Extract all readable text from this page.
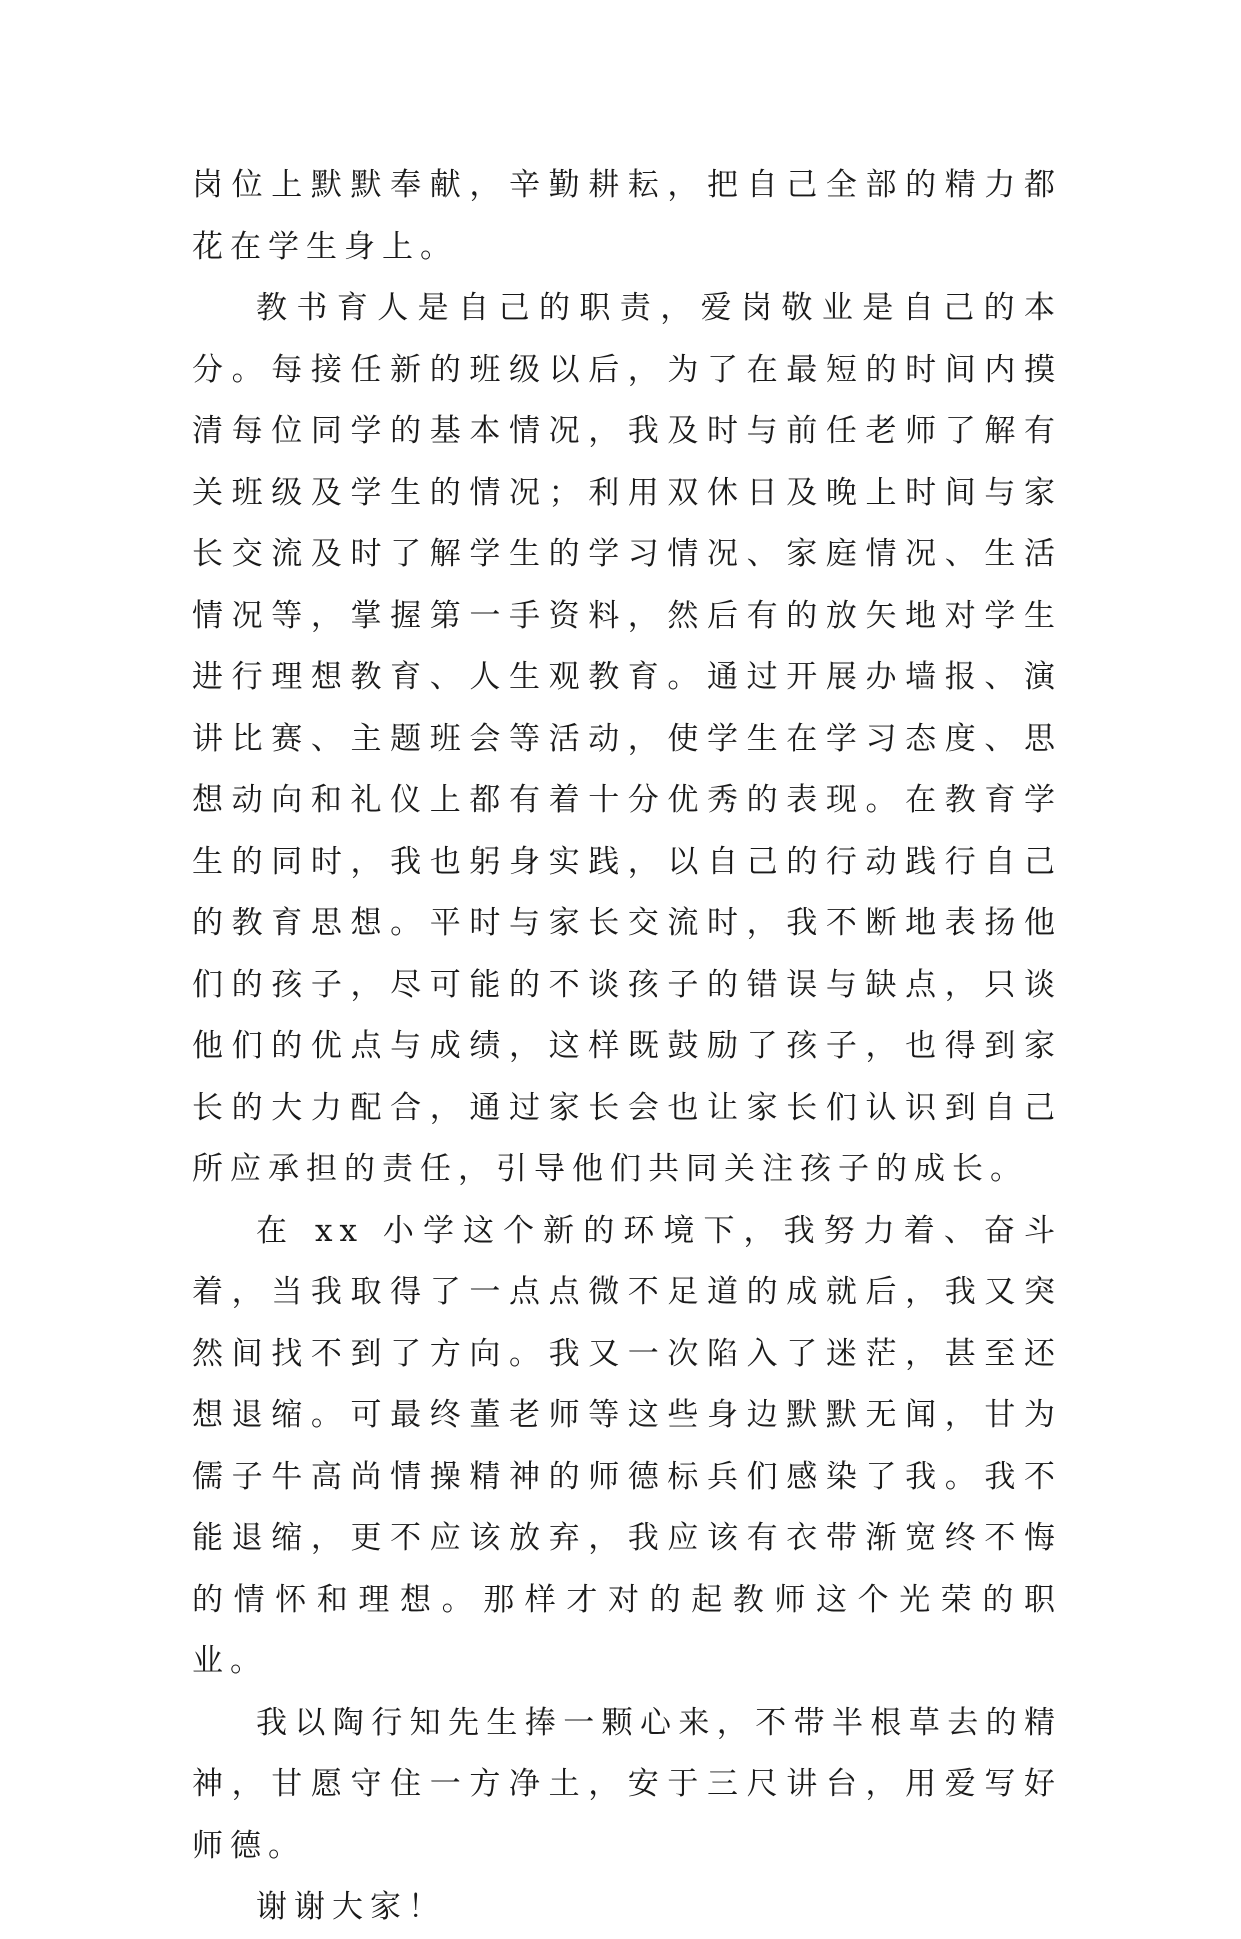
岗位上默默奉献，辛勤耕耘，把自己全部的精力都花在学生身上。

教书育人是自己的职责，爱岗敬业是自己的本分。每接任新的班级以后，为了在最短的时间内摸清每位同学的基本情况，我及时与前任老师了解有关班级及学生的情况；利用双休日及晚上时间与家长交流及时了解学生的学习情况、家庭情况、生活情况等，掌握第一手资料，然后有的放矢地对学生进行理想教育、人生观教育。通过开展办墙报、演讲比赛、主题班会等活动，使学生在学习态度、思想动向和礼仪上都有着十分优秀的表现。在教育学生的同时，我也躬身实践，以自己的行动践行自己的教育思想。平时与家长交流时，我不断地表扬他们的孩子，尽可能的不谈孩子的错误与缺点，只谈他们的优点与成绩，这样既鼓励了孩子，也得到家长的大力配合，通过家长会也让家长们认识到自己所应承担的责任，引导他们共同关注孩子的成长。

在 xx 小学这个新的环境下，我努力着、奋斗着，当我取得了一点点微不足道的成就后，我又突然间找不到了方向。我又一次陷入了迷茫，甚至还想退缩。可最终董老师等这些身边默默无闻，甘为儒子牛高尚情操精神的师德标兵们感染了我。我不能退缩，更不应该放弃，我应该有衣带渐宽终不悔的情怀和理想。那样才对的起教师这个光荣的职业。

我以陶行知先生捧一颗心来，不带半根草去的精神，甘愿守住一方净土，安于三尺讲台，用爱写好师德。

谢谢大家！
